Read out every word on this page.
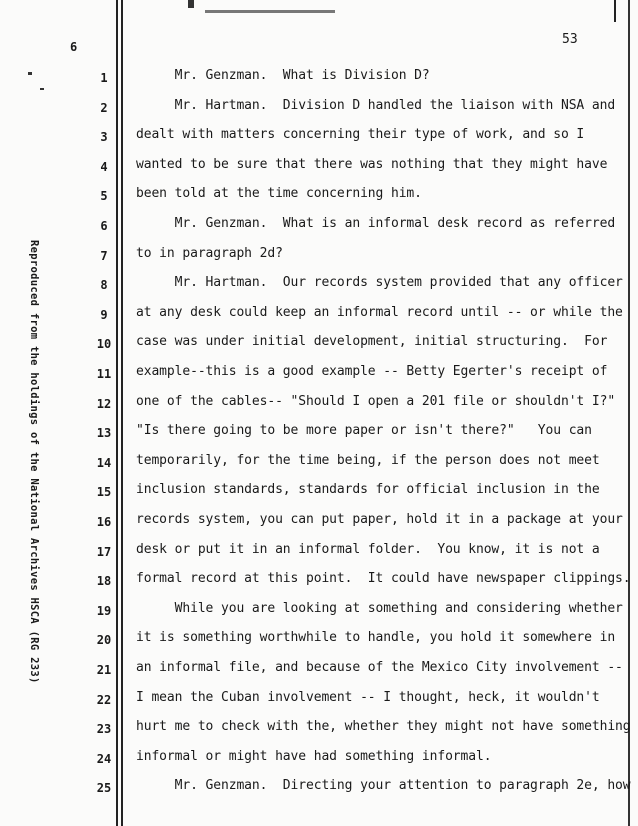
6	53
Reproduced from the holdings of the National Archives HSCA (RG 233)
1	Mr. Genzman.  What is Division D?
2	Mr. Hartman.  Division D handled the liaison with NSA and
3	dealt with matters concerning their type of work, and so I
4	wanted to be sure that there was nothing that they might have
5	been told at the time concerning him.
6	Mr. Genzman.  What is an informal desk record as referred
7	to in paragraph 2d?
8	Mr. Hartman.  Our records system provided that any officer
9	at any desk could keep an informal record until -- or while the
10	case was under initial development, initial structuring.  For
11	example--this is a good example -- Betty Egerter's receipt of
12	one of the cables-- "Should I open a 201 file or shouldn't I?"
13	"Is there going to be more paper or isn't there?"   You can
14	temporarily, for the time being, if the person does not meet
15	inclusion standards, standards for official inclusion in the
16	records system, you can put paper, hold it in a package at your
17	desk or put it in an informal folder.  You know, it is not a
18	formal record at this point.  It could have newspaper clippings.
19	While you are looking at something and considering whether
20	it is something worthwhile to handle, you hold it somewhere in
21	an informal file, and because of the Mexico City involvement --
22	I mean the Cuban involvement -- I thought, heck, it wouldn't
23	hurt me to check with the, whether they might not have something
24	informal or might have had something informal.
25	Mr. Genzman.  Directing your attention to paragraph 2e, how
